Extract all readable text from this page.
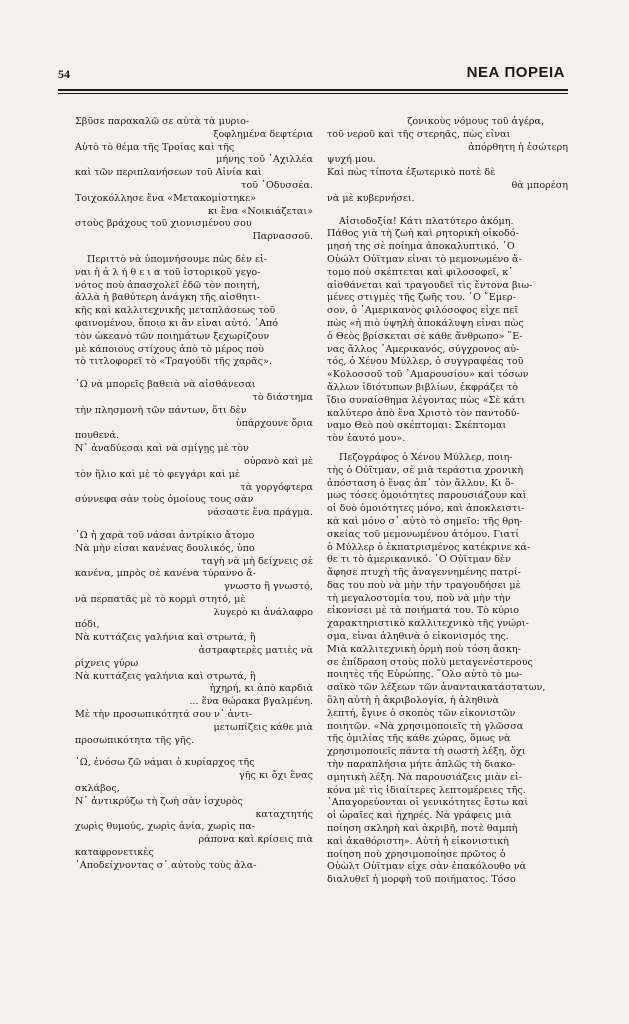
54	ΝΕΑ ΠΟΡΕΙΑ
Σβῦσε παρακαλῶ σε αὐτὰ τὰ μυριο-
ξοφλημένα δεφτέρια
Αὐτὸ τὸ θέμα τῆς Τροίας καὶ τῆς
μήνης τοῦ ᾿Αχιλλέα
καὶ τῶν περιπλανήσεων τοῦ Αἰνία καὶ
τοῦ ᾿Οδυσσέα.
Τοιχοκόλλησε ἕνα «Μετακομίστηκε»
κι ἕνα «Νοικιάζεται»
στοὺς βράχους τοῦ χιονισμένου σου
Παρνασσοῦ.
Περιττὸ νὰ ὑπομνήσουμε πὼς δὲν εἶ-
ναι ἡ ἀ λ ή θ ε ι α τοῦ ἱστορικοῦ γεγο-
νότος ποὺ ἀπασχολεῖ ἐδῶ τὸν ποιητή,
ἀλλὰ ἡ βαθύτερη ἀνάγκη τῆς αἰσθητι-
κῆς καὶ καλλιτεχνικῆς μεταπλάσεως τοῦ
φαινομένου, ὅποιο κι ἂν εἶναι αὐτό. ᾿Από
τὸν ὠκεανὸ τῶν ποιημάτων ξεχωρίζουν
μὲ κάποιους στίχους ἀπὸ τὸ μέρος ποὺ
τὸ τιτλοφορεῖ τὸ «Τραγούδι τῆς χαρᾶς».
῾Ω νὰ μπορεῖς βαθειὰ νὰ αἰσθάνεσαι
τὸ διάστημα
τὴν πλησμονὴ τῶν πάντων, ὅτι δὲν
ὑπάρχουνε ὅρια
πουθενά.
Ν᾿ ἀναδύεσαι καὶ νὰ σμίγῃς μὲ τὸν
οὐρανὸ καὶ μὲ
τὸν ἥλιο καὶ μὲ τὸ φεγγάρι καὶ μὲ
τὰ γοργόφτερα
σύννεφα σὰν τοὺς ὁμοίους τους σὰν
νάσαστε ἕνα πράγμα.
῾Ω ἡ χαρὰ τοῦ νάσαι ἀντρίκιο ἄτομο
Νὰ μὴν εἶσαι κανένας δουλικός, ὑπο
ταγὴ νὰ μὴ δείχνεις σὲ
κανένα, μπρὸς σὲ κανένα τύραννο ἄ-
γνωστο ἢ γνωστό,
νὰ περπατᾶς μὲ τὸ κορμὶ στητό, μὲ
λυγερὸ κι ἀνάλαφρο
πόδι,
Νὰ κυττάζεις γαλήνια καὶ στρωτά, ἢ
ἀστραφτερὲς ματιὲς νὰ
ρίχνεις γύρω
Νὰ κυττάζεις γαλήνια καὶ στρωτά, ἢ
ἠχηρή, κι ἀπὸ καρδιὰ
... ἕνα θώρακα βγαλμένη.
Μὲ τὴν προσωπικότητά σου ν᾿ ἀντι-
μετωπίζεις κάθε μιὰ
προσωπικότητα τῆς γῆς.
῾Ω, ἐνόσω ζῶ νάμαι ὁ κυρίαρχος τῆς
γῆς κι ὄχι ἕνας
σκλάβος,
Ν᾿ ἀντικρύζω τὴ ζωὴ σὰν ἰσχυρὸς
καταχτητής
χωρὶς θυμούς, χωρὶς ἀνία, χωρὶς πα-
ράπονα καὶ κρίσεις πιὰ
καταφρονετικὲς
᾿Αποδείχνοντας σ᾿ αὐτοὺς τοὺς ἀλα-
ζονικοὺς νόμους τοῦ ἀγέρα,
τοῦ νεροῦ καὶ τῆς στερηᾶς, πὼς εἶναι
ἀπόρθητη ἡ ἐσώτερη
ψυχή μου.
Καὶ πὼς τίποτα ἐξωτερικὸ ποτὲ δὲ
θὰ μπορέση
νὰ μὲ κυβερνήσει.
Αἰσιοδοξία! Κάτι πλατύτερο ἀκόμη.
Πάθος γιὰ τὴ ζωὴ καὶ ρητορικὴ οἰκοδό-
μησή της σὲ ποίημα ἀποκαλυπτικό. ᾿Ο
Οὐώλτ Οὐΐτμαν εἶναι τὸ μεμονωμένο ἄ-
τομο ποὺ σκέπτεται καὶ φιλοσοφεῖ, κ᾿
αἰσθάνεται καὶ τραγουδεῖ τὶς ἔντονα βιω-
μένες στιγμὲς τῆς ζωῆς του. ᾿Ο ῎Εμερ-
σον, ὁ ᾿Αμερικανὸς φιλόσοφος εἶχε πεῖ
πὼς «ἡ πιὸ ὑψηλὴ ἀποκάλυψη εἶναι πὼς
ὁ Θεὸς βρίσκεται σὲ κάθε ἄνθρωπο» ῞Ε-
νας ἄλλος ᾿Αμερικανός, σύγχρονος αὐ-
τός, ὁ Χένου Μύλλερ, ὁ συγγραφέας τοῦ
«Κολοσσοῦ τοῦ ᾿Αμαρουσίου» καὶ τόσων
ἄλλων ἰδιότυπων βιβλίων, ἐκφράζει τὸ
ἴδιο συναίσθημα λέγοντας πὼς «Σὲ κάτι
καλύτερο ἀπὸ ἕνα Χριστὸ τὸν παντοδύ-
ναμο Θεὸ ποὺ σκέπτομαι: Σκέπτομαι
τὸν ἑαυτό μου».
Πεζογράφος ὁ Χένου Μύλλερ, ποιη-
τὴς ὁ Οὐΐτμαν, σὲ μιὰ τεράστια χρονικὴ
ἀπόσταση ὁ ἕνας ἀπ᾿ τὸν ἄλλον. Κι ὅ-
μως τόσες ὁμοιότητες παρουσιάζουν καὶ
οἱ δυὸ ὁμοιότητες μόνο, καὶ ἀποκλειστι-
κὰ καὶ μόνο σ᾿ αὐτὸ τὸ σημεῖο: τῆς θρη-
σκείας τοῦ μεμονωμένου ἀτόμου. Γιατί
ὁ Μύλλερ ὁ ἐκπατρισμένος κατέκρινε κά-
θε τι τὸ ἀμερικανικό. ᾿Ο Οὐΐτμαν δὲν
ἄφησε πτυχὴ τῆς ἀναγεννημένης πατρί-
δας του ποὺ νὰ μὴν τὴν τραγουδήσει μὲ
τὴ μεγαλοστομία του, ποὺ νὰ μὴν τὴν
εἰκονίσει μὲ τὰ ποιήματά του. Τὸ κύριο
χαρακτηριστικὸ καλλιτεχνικὸ τῆς γνώρι-
σμα, εἶναι ἀληθινὰ ὁ εἰκονισμός της.
Μιὰ καλλιτεχνικὴ ὁρμὴ ποὺ τόση ἄσκη-
σε ἐπίδραση στοὺς πολὺ μεταγενέστερους
ποιητὲς τῆς Εὐρώπης. ῞Ολο αὐτὸ τὸ μω-
σαϊκὸ τῶν λέξεων τῶν ἀνανταικατάστατων,
ὅλη αὐτὴ ἡ ἀκριβολογία, ἡ ἀληθινὰ
λεπτή, ἔγινε ὁ σκοπὸς τῶν εἰκονιστῶν
ποιητῶν. «Νὰ χρησιμοποιεῖς τὴ γλῶσσα
τῆς ὁμιλίας τῆς κάθε χώρας, ὅμως νὰ
χρησιμοποιεῖς πάντα τὴ σωστὴ λέξη, ὄχι
τὴν παραπλήσια μήτε ἁπλῶς τὴ διακο-
σμητικὴ λέξη. Νὰ παρουσιάζεις μιὰν εἰ-
κόνα μὲ τὶς ἰδιαίτερες λεπτομέρειες τῆς.
᾿Απαγορεύονται οἱ γενικότητες ἔστω καὶ
οἱ ὡραῖες καὶ ἠχηρές. Νὰ γράφεις μιὰ
ποίηση σκληρὴ καὶ ἀκριβῆ, ποτὲ θαμπὴ
καὶ ἀκαθόριστη». Αὐτὴ ἡ εἰκονιστικὴ
ποίηση ποὺ χρησιμοποίησε πρῶτος ὁ
Οὐὼλτ Οὐΐτμαν εἶχε σὰν ἐπακόλουθο νὰ
διαλυθεῖ ἡ μορφὴ τοῦ ποιήματος. Τόσο
